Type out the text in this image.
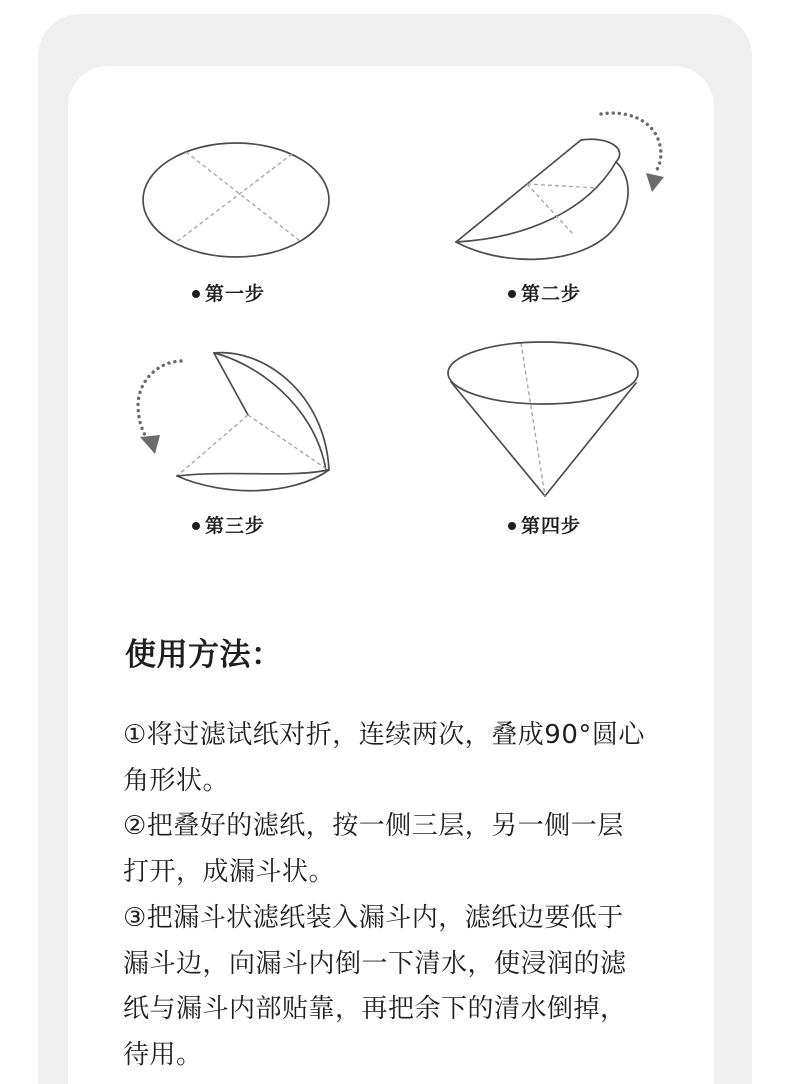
第一步	第二步
第三步	第四步
使用方法：
①将过滤试纸对折，连续两次，叠成90°圆心
角形状。
②把叠好的滤纸，按一侧三层，另一侧一层
打开，成漏斗状。
③把漏斗状滤纸装入漏斗内，滤纸边要低于
漏斗边，向漏斗内倒一下清水，使浸润的滤
纸与漏斗内部贴靠，再把余下的清水倒掉，
待用。
